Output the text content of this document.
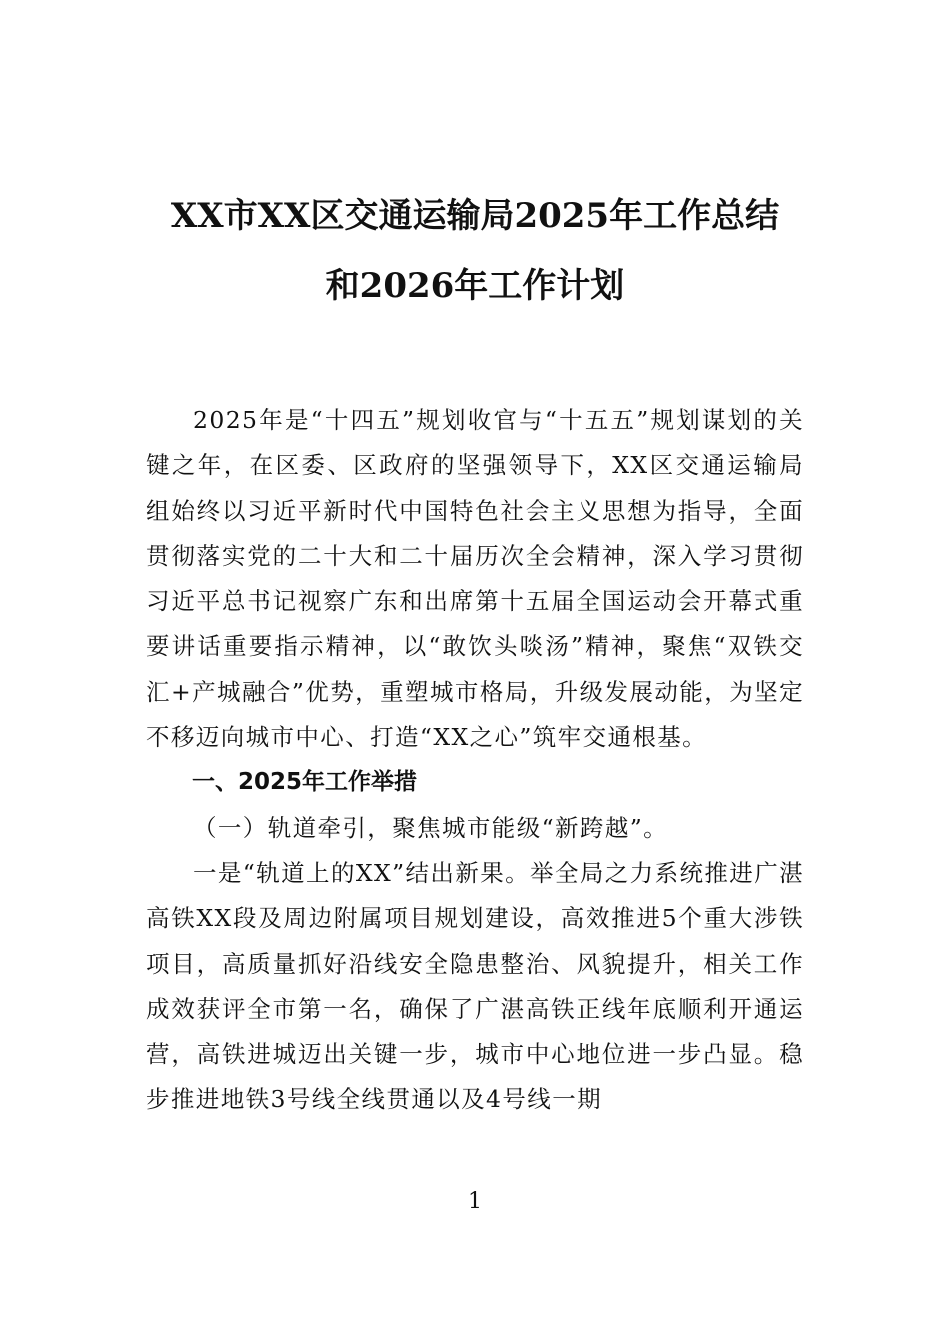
XX市XX区交通运输局2025年工作总结
和2026年工作计划

2025年是“十四五”规划收官与“十五五”规划谋划的关键之年，在区委、区政府的坚强领导下，XX区交通运输局组始终以习近平新时代中国特色社会主义思想为指导，全面贯彻落实党的二十大和二十届历次全会精神，深入学习贯彻习近平总书记视察广东和出席第十五届全国运动会开幕式重要讲话重要指示精神，以“敢饮头啖汤”精神，聚焦“双铁交汇+产城融合”优势，重塑城市格局，升级发展动能，为坚定不移迈向城市中心、打造“XX之心”筑牢交通根基。

一、2025年工作举措
（一）轨道牵引，聚焦城市能级“新跨越”。

一是“轨道上的XX”结出新果。举全局之力系统推进广湛高铁XX段及周边附属项目规划建设，高效推进5个重大涉铁项目，高质量抓好沿线安全隐患整治、风貌提升，相关工作成效获评全市第一名，确保了广湛高铁正线年底顺利开通运营，高铁进城迈出关键一步，城市中心地位进一步凸显。稳步推进地铁3号线全线贯通以及4号线一期

1
